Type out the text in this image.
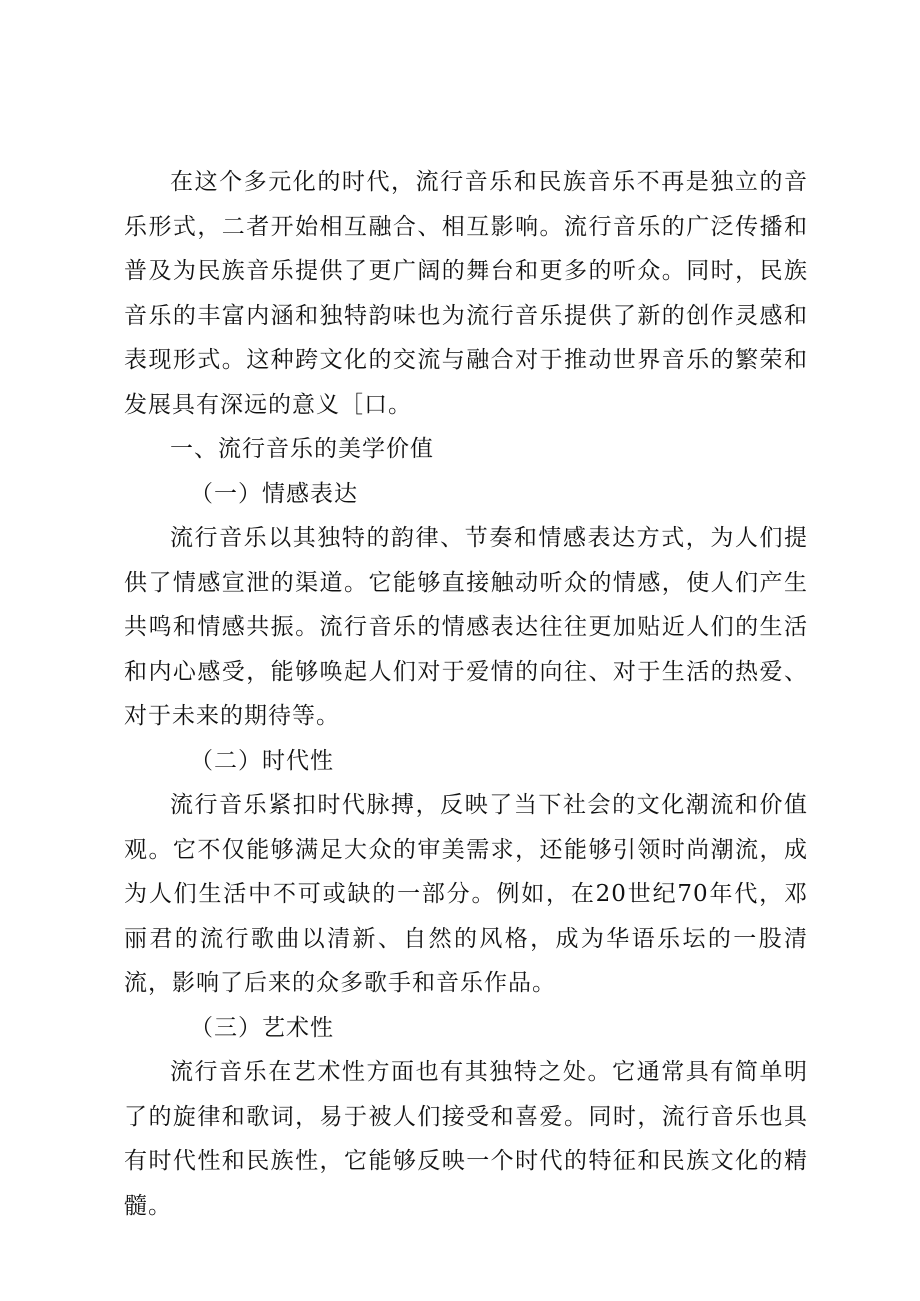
在这个多元化的时代，流行音乐和民族音乐不再是独立的音乐形式，二者开始相互融合、相互影响。流行音乐的广泛传播和普及为民族音乐提供了更广阔的舞台和更多的听众。同时，民族音乐的丰富内涵和独特韵味也为流行音乐提供了新的创作灵感和表现形式。这种跨文化的交流与融合对于推动世界音乐的繁荣和发展具有深远的意义［口。

一、流行音乐的美学价值

（一）情感表达

流行音乐以其独特的韵律、节奏和情感表达方式，为人们提供了情感宣泄的渠道。它能够直接触动听众的情感，使人们产生共鸣和情感共振。流行音乐的情感表达往往更加贴近人们的生活和内心感受，能够唤起人们对于爱情的向往、对于生活的热爱、对于未来的期待等。

（二）时代性

流行音乐紧扣时代脉搏，反映了当下社会的文化潮流和价值观。它不仅能够满足大众的审美需求，还能够引领时尚潮流，成为人们生活中不可或缺的一部分。例如，在20世纪70年代，邓丽君的流行歌曲以清新、自然的风格，成为华语乐坛的一股清流，影响了后来的众多歌手和音乐作品。

（三）艺术性

流行音乐在艺术性方面也有其独特之处。它通常具有简单明了的旋律和歌词，易于被人们接受和喜爱。同时，流行音乐也具有时代性和民族性，它能够反映一个时代的特征和民族文化的精髓。
